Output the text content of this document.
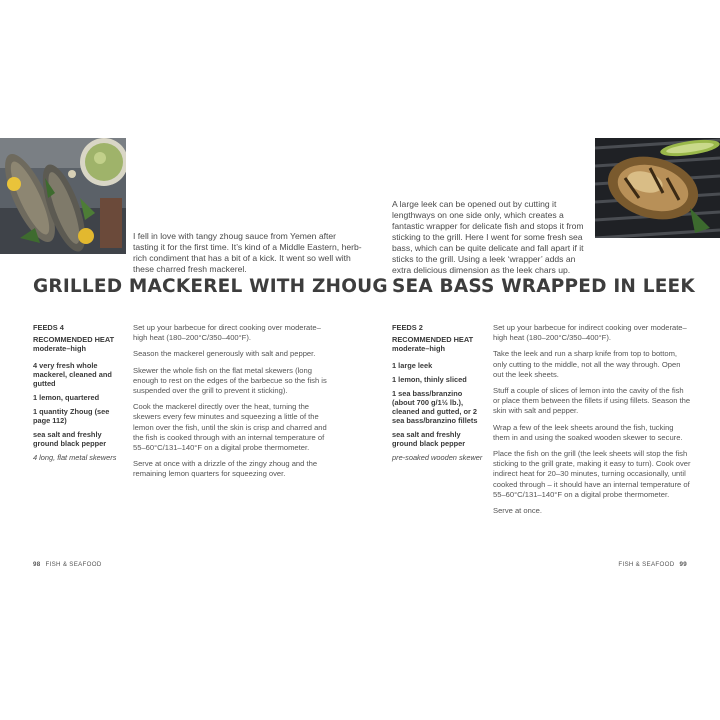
I fell in love with tangy zhoug sauce from Yemen after tasting it for the first time. It’s kind of a Middle Eastern, herb-rich condiment that has a bit of a kick. It went so well with these charred fresh mackerel.
A large leek can be opened out by cutting it lengthways on one side only, which creates a fantastic wrapper for delicate fish and stops it from sticking to the grill. Here I went for some fresh sea bass, which can be quite delicate and fall apart if it sticks to the grill. Using a leek ‘wrapper’ adds an extra delicious dimension as the leek chars up.
GRILLED MACKEREL WITH ZHOUG SEA BASS WRAPPED IN LEEK
FEEDS 4
RECOMMENDED HEAT
moderate–high
4 very fresh whole mackerel, cleaned and gutted
1 lemon, quartered
1 quantity Zhoug (see page 112)
sea salt and freshly ground black pepper
4 long, flat metal skewers
FEEDS 2
RECOMMENDED HEAT
moderate–high
1 large leek
1 lemon, thinly sliced
1 sea bass/branzino (about 700 g/1½ lb.), cleaned and gutted, or 2 sea bass/branzino fillets
sea salt and freshly ground black pepper
pre-soaked wooden skewer

Set up your barbecue for direct cooking over moderate–high heat (180–200°C/350–400°F).

Season the mackerel generously with salt and pepper.

Skewer the whole fish on the flat metal skewers (long enough to rest on the edges of the barbecue so the fish is suspended over the grill to prevent it sticking).

Cook the mackerel directly over the heat, turning the skewers every few minutes and squeezing a little of the lemon over the fish, until the skin is crisp and charred and the fish is cooked through with an internal temperature of 55–60°C/131–140°F on a digital probe thermometer.

Serve at once with a drizzle of the zingy zhoug and the remaining lemon quarters for squeezing over.

Set up your barbecue for indirect cooking over moderate–high heat (180–200°C/350–400°F).

Take the leek and run a sharp knife from top to bottom, only cutting to the middle, not all the way through. Open out the leek sheets.

Stuff a couple of slices of lemon into the cavity of the fish or place them between the fillets if using fillets. Season the skin with salt and pepper.

Wrap a few of the leek sheets around the fish, tucking them in and using the soaked wooden skewer to secure.

Place the fish on the grill (the leek sheets will stop the fish sticking to the grill grate, making it easy to turn). Cook over indirect heat for 20–30 minutes, turning occasionally, until cooked through – it should have an internal temperature of 55–60°C/131–140°F on a digital probe thermometer.

Serve at once.

98 FISH & SEAFOOD	FISH & SEAFOOD 99
